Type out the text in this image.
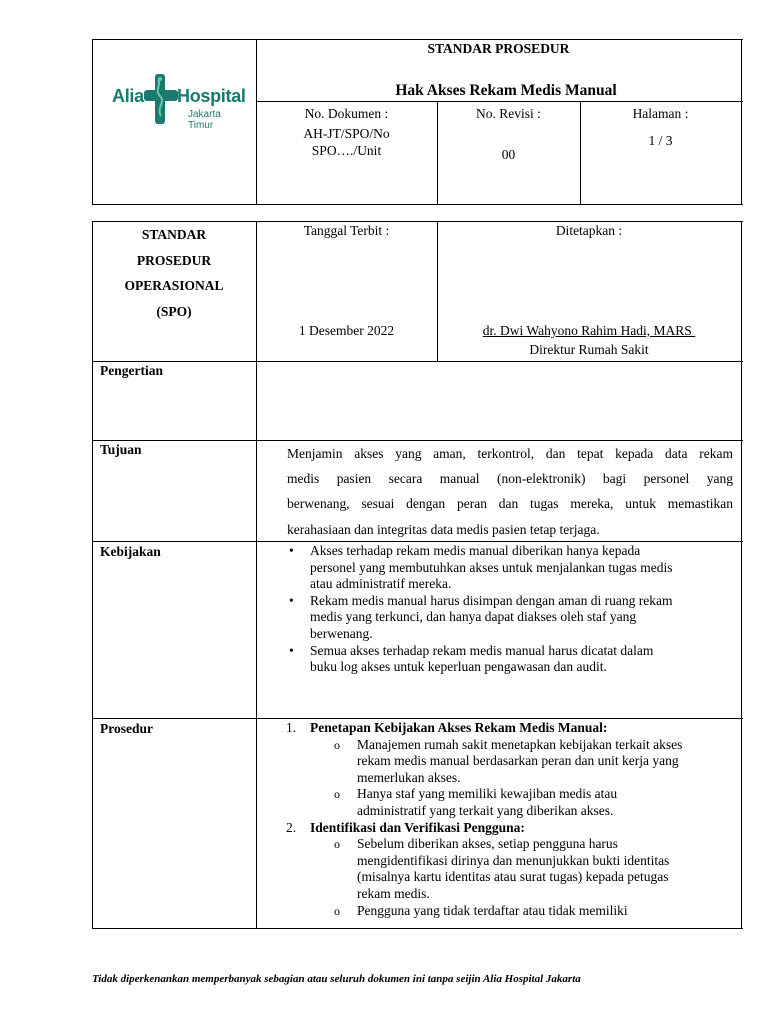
Alia Hospital
Jakarta Timur
STANDAR PROSEDUR
Hak Akses Rekam Medis Manual
No. Dokumen :
AH-JT/SPO/No
SPO…./Unit
No. Revisi :
00
Halaman :
1 / 3
STANDAR
PROSEDUR
OPERASIONAL
(SPO)
Tanggal Terbit :
1 Desember 2022
Ditetapkan :
dr. Dwi Wahyono Rahim Hadi, MARS
Direktur Rumah Sakit
Pengertian
Tujuan	Menjamin akses yang aman, terkontrol, dan tepat kepada data rekam
medis pasien secara manual (non-elektronik) bagi personel yang
berwenang, sesuai dengan peran dan tugas mereka, untuk memastikan
kerahasiaan dan integritas data medis pasien tetap terjaga.
Kebijakan
•	Akses terhadap rekam medis manual diberikan hanya kepada
personel yang membutuhkan akses untuk menjalankan tugas medis
atau administratif mereka.
• Rekam medis manual harus disimpan dengan aman di ruang rekam
medis yang terkunci, dan hanya dapat diakses oleh staf yang
berwenang.
• Semua akses terhadap rekam medis manual harus dicatat dalam
buku log akses untuk keperluan pengawasan dan audit.
Prosedur	1. Penetapan Kebijakan Akses Rekam Medis Manual:
o Manajemen rumah sakit menetapkan kebijakan terkait akses
rekam medis manual berdasarkan peran dan unit kerja yang
memerlukan akses.
o Hanya staf yang memiliki kewajiban medis atau
administratif yang terkait yang diberikan akses.
2. Identifikasi dan Verifikasi Pengguna:
o Sebelum diberikan akses, setiap pengguna harus
mengidentifikasi dirinya dan menunjukkan bukti identitas
(misalnya kartu identitas atau surat tugas) kepada petugas
rekam medis.
o Pengguna yang tidak terdaftar atau tidak memiliki
Tidak diperkenankan memperbanyak sebagian atau seluruh dokumen ini tanpa seijin Alia Hospital Jakarta
